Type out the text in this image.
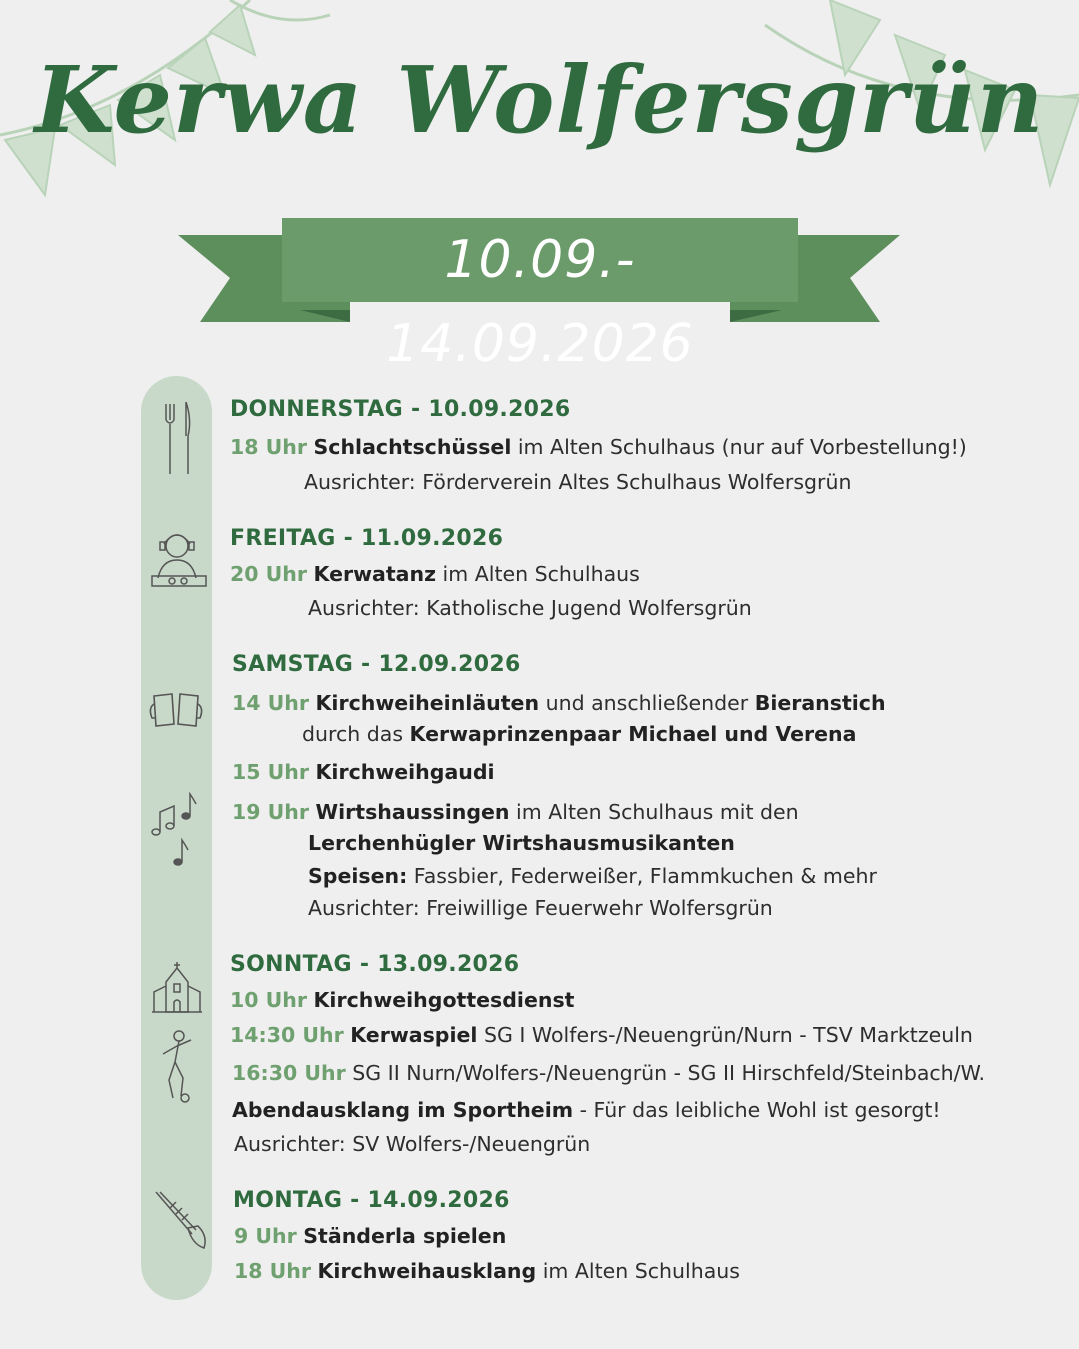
Kerwa Wolfersgrün
10.09.- 14.09.2026
DONNERSTAG - 10.09.2026
18 Uhr Schlachtschüssel im Alten Schulhaus (nur auf Vorbestellung!)
Ausrichter: Förderverein Altes Schulhaus Wolfersgrün
FREITAG - 11.09.2026
20 Uhr Kerwatanz im Alten Schulhaus
Ausrichter: Katholische Jugend Wolfersgrün
SAMSTAG - 12.09.2026
14 Uhr Kirchweiheinläuten und anschließender Bieranstich
durch das Kerwaprinzenpaar Michael und Verena
15 Uhr Kirchweihgaudi
19 Uhr Wirtshaussingen im Alten Schulhaus mit den
Lerchenhügler Wirtshausmusikanten
Speisen: Fassbier, Federweißer, Flammkuchen & mehr
Ausrichter: Freiwillige Feuerwehr Wolfersgrün
SONNTAG - 13.09.2026
10 Uhr Kirchweihgottesdienst
14:30 Uhr Kerwaspiel SG I Wolfers-/Neuengrün/Nurn - TSV Marktzeuln
16:30 Uhr SG II Nurn/Wolfers-/Neuengrün - SG II Hirschfeld/Steinbach/W.
Abendausklang im Sportheim - Für das leibliche Wohl ist gesorgt!
Ausrichter: SV Wolfers-/Neuengrün
MONTAG - 14.09.2026
9 Uhr Ständerla spielen
18 Uhr Kirchweihausklang im Alten Schulhaus
